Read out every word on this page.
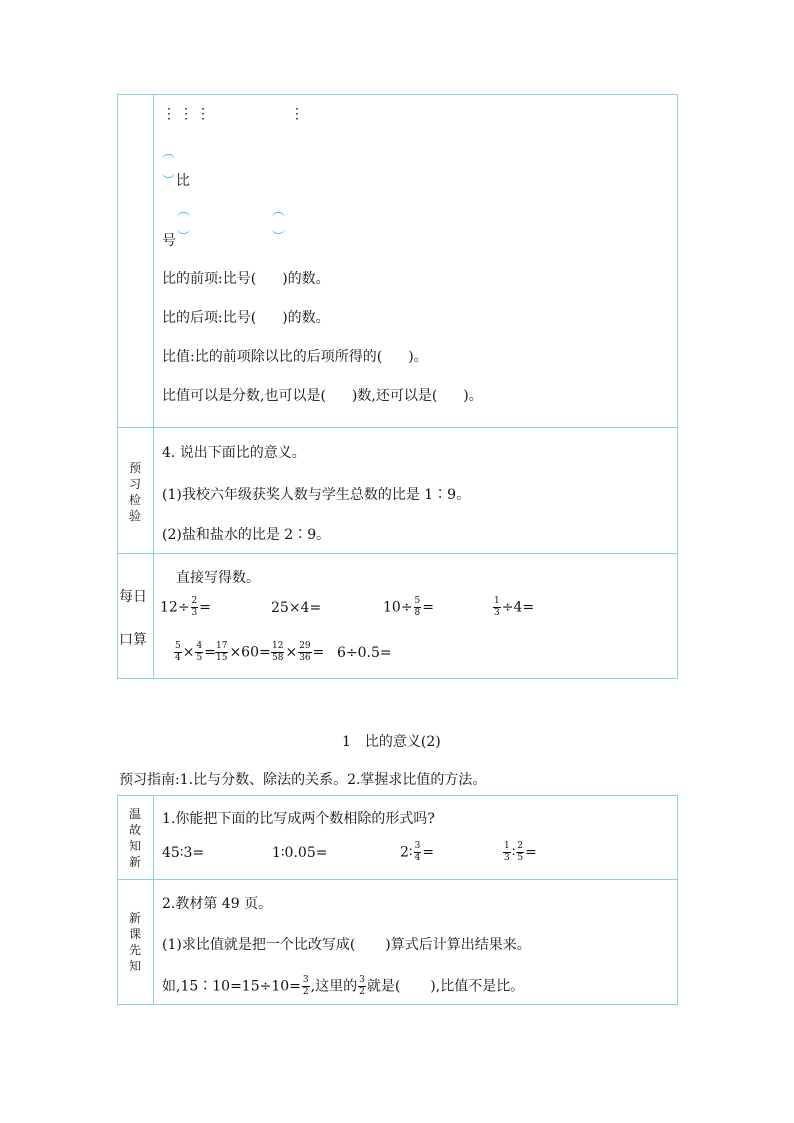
⋮⋮⋮	⋮
︵
︶ 比
︵	︵
号 ︶	︶
比的前项:比号( )的数。
比的后项:比号( )的数。
比值:比的前项除以比的后项所得的( )。
比值可以是分数,也可以是( )数,还可以是( )。
预习检验
4. 说出下面比的意义。
(1)我校六年级获奖人数与学生总数的比是 1∶9。
(2)盐和盐水的比是 2∶9。
每日
口算
直接写得数。
$12\div \frac{2}{3}$ =	25×4=	$10\div \frac{5}{8}$ =	$\frac{1}{3} \div 4=$
$\frac{5}{4} \times \frac{4}{5} = \frac{17}{15} \times 60= \frac{12}{58} \times \frac{29}{36} = 6\div 0.5=$
1　比的意义(2)
预习指南:1.比与分数、除法的关系。2.掌握求比值的方法。
温故知新
1.你能把下面的比写成两个数相除的形式吗?
45∶3=	1∶0.05=	2∶ $\frac{3}{4}$ =	$\frac{1}{3}$ ∶ $\frac{2}{5}$ =
新课先知
2.教材第 49 页。
(1)求比值就是把一个比改写成( )算式后计算出结果来。
如,15∶10=15÷10= $\frac{3}{2}$ ,这里的 $\frac{3}{2}$ 就是( ),比值不是比。
